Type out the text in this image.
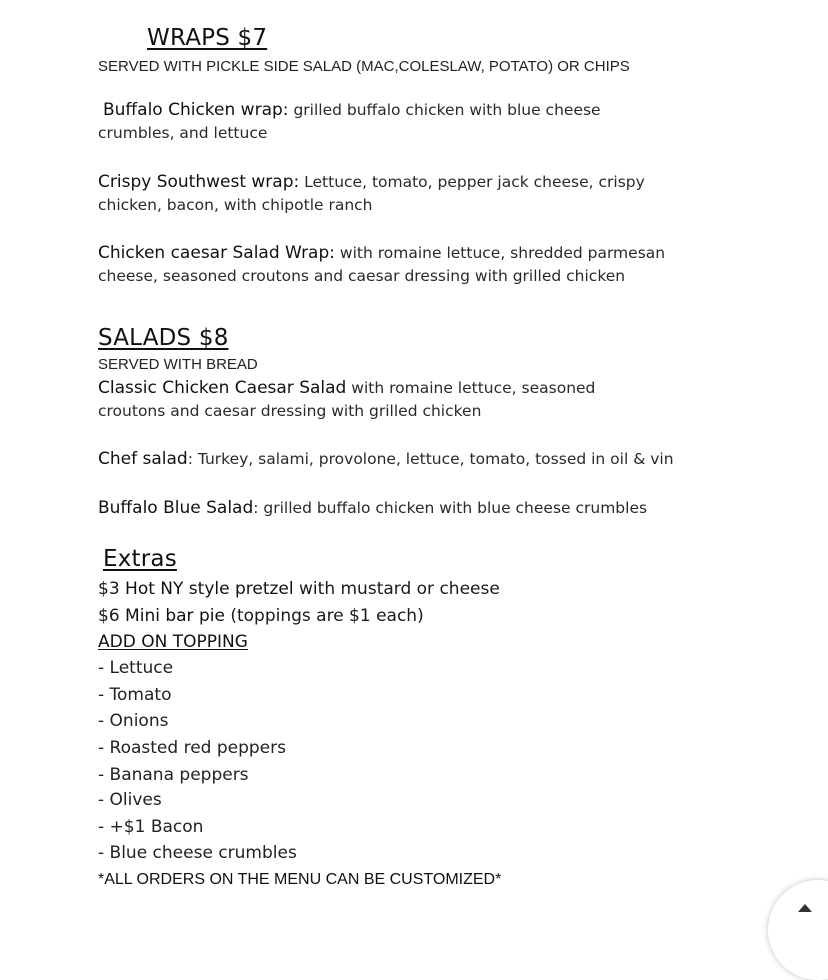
WRAPS $7
SERVED WITH PICKLE SIDE SALAD (MAC,COLESLAW, POTATO) OR CHIPS
Buffalo Chicken wrap: grilled buffalo chicken with blue cheese
crumbles, and lettuce
Crispy Southwest wrap: Lettuce, tomato, pepper jack cheese, crispy
chicken, bacon, with chipotle ranch
Chicken caesar Salad Wrap: with romaine lettuce, shredded parmesan
cheese, seasoned croutons and caesar dressing with grilled chicken
SALADS $8
SERVED WITH BREAD
Classic Chicken Caesar Salad with romaine lettuce, seasoned
croutons and caesar dressing with grilled chicken
Chef salad: Turkey, salami, provolone, lettuce, tomato, tossed in oil & vin
Buffalo Blue Salad: grilled buffalo chicken with blue cheese crumbles
Extras
$3 Hot NY style pretzel with mustard or cheese
$6 Mini bar pie (toppings are $1 each)
ADD ON TOPPING
- Lettuce
- Tomato
- Onions
- Roasted red peppers
- Banana peppers
- Olives
- +$1 Bacon
- Blue cheese crumbles
*ALL ORDERS ON THE MENU CAN BE CUSTOMIZED*
